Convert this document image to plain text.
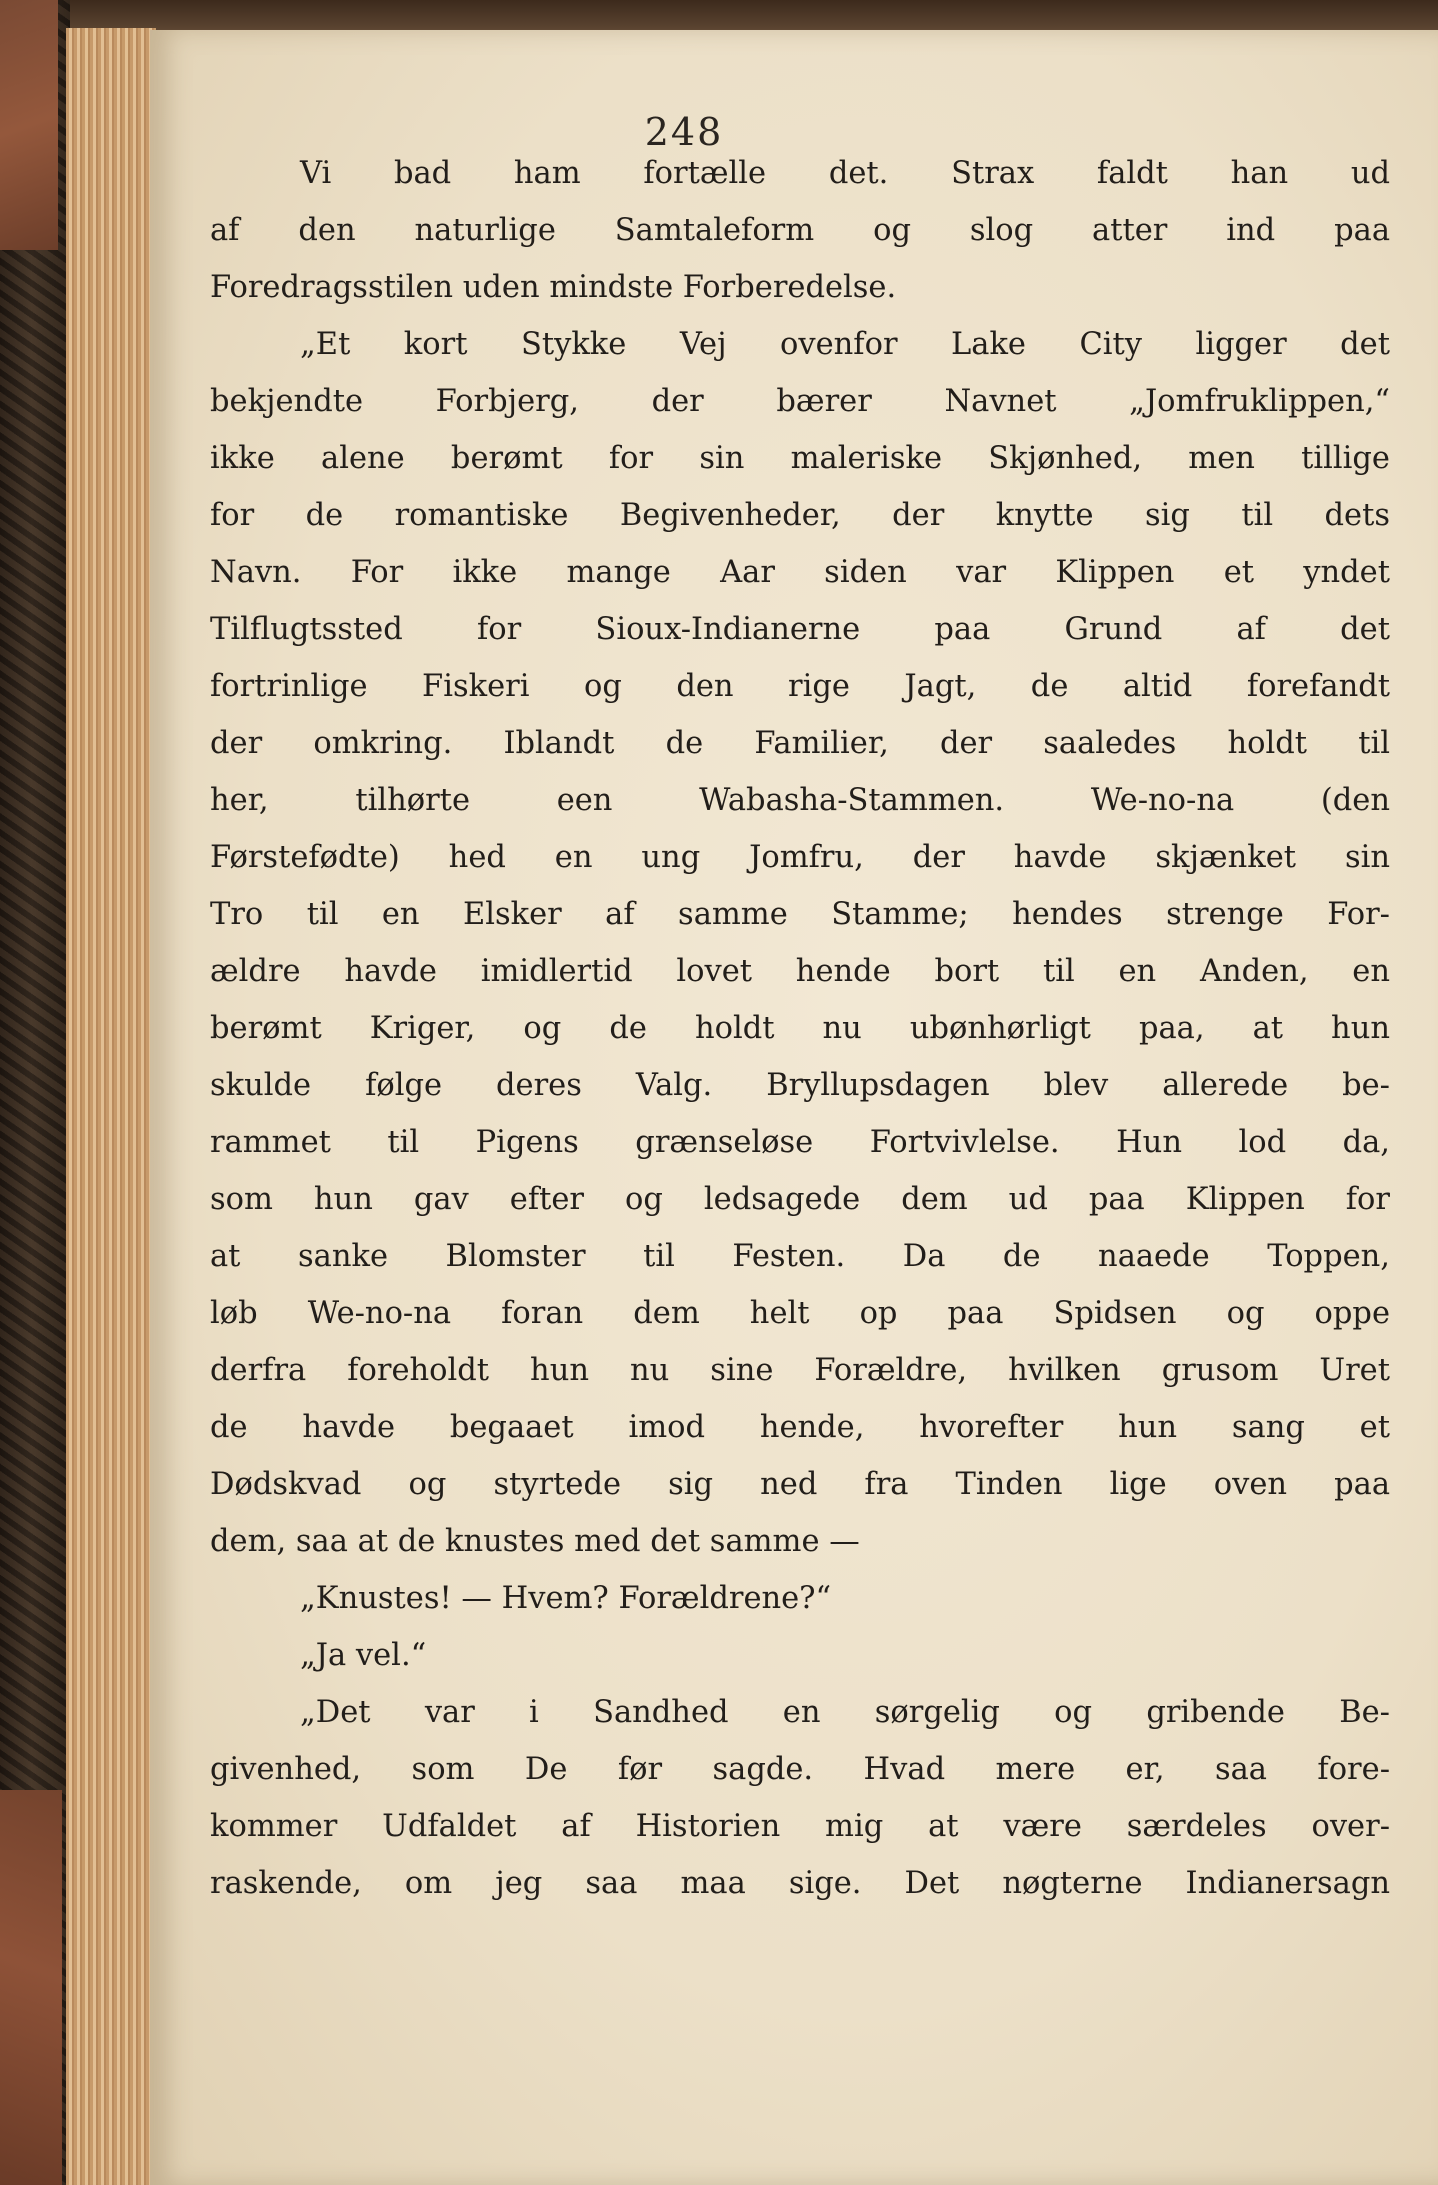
248
Vi bad ham fortælle det. Strax faldt han ud
af den naturlige Samtaleform og slog atter ind paa
Foredragsstilen uden mindste Forberedelse.
„Et kort Stykke Vej ovenfor Lake City ligger det
bekjendte Forbjerg, der bærer Navnet „Jomfruklippen,“
ikke alene berømt for sin maleriske Skjønhed, men tillige
for de romantiske Begivenheder, der knytte sig til dets
Navn. For ikke mange Aar siden var Klippen et yndet
Tilflugtssted for Sioux-Indianerne paa Grund af det
fortrinlige Fiskeri og den rige Jagt, de altid forefandt
der omkring. Iblandt de Familier, der saaledes holdt til
her, tilhørte een Wabasha-Stammen. We-no-na (den
Førstefødte) hed en ung Jomfru, der havde skjænket sin
Tro til en Elsker af samme Stamme; hendes strenge For-
ældre havde imidlertid lovet hende bort til en Anden, en
berømt Kriger, og de holdt nu ubønhørligt paa, at hun
skulde følge deres Valg. Bryllupsdagen blev allerede be-
rammet til Pigens grænseløse Fortvivlelse. Hun lod da,
som hun gav efter og ledsagede dem ud paa Klippen for
at sanke Blomster til Festen. Da de naaede Toppen,
løb We-no-na foran dem helt op paa Spidsen og oppe
derfra foreholdt hun nu sine Forældre, hvilken grusom Uret
de havde begaaet imod hende, hvorefter hun sang et
Dødskvad og styrtede sig ned fra Tinden lige oven paa
dem, saa at de knustes med det samme —
„Knustes! — Hvem? Forældrene?“
„Ja vel.“
„Det var i Sandhed en sørgelig og gribende Be-
givenhed, som De før sagde. Hvad mere er, saa fore-
kommer Udfaldet af Historien mig at være særdeles over-
raskende, om jeg saa maa sige. Det nøgterne Indianersagn
